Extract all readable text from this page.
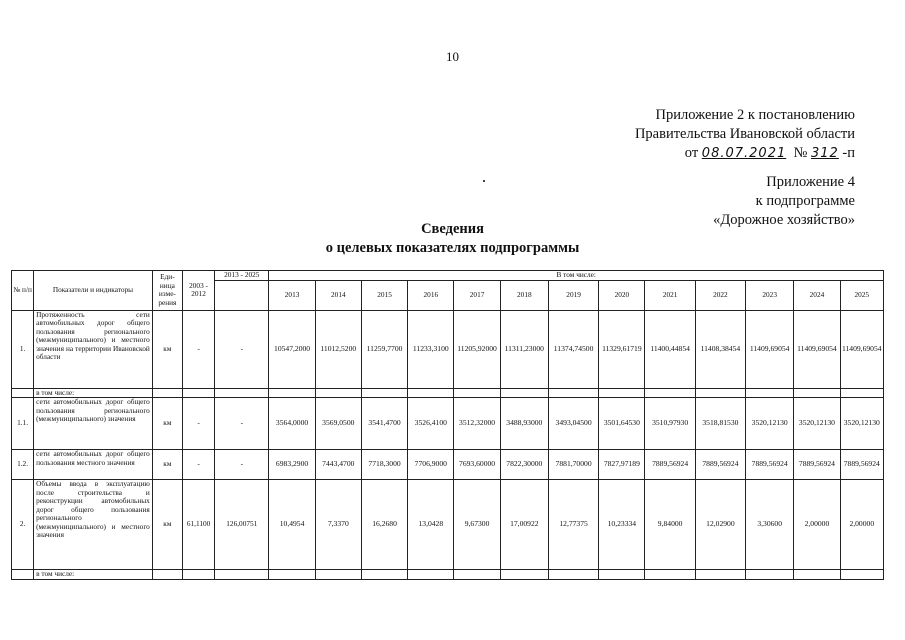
10
Приложение 2 к постановлению
Правительства Ивановской области
от 08.07.2021 № 312 -п
Приложение 4
к подпрограмме
«Дорожное хозяйство»
Сведения
о целевых показателях подпрограммы
№ п/п	Показатели и индикаторы	Еди-ница изме-рения	2003 - 2012	2013 - 2025	В том числе:												
					2013	2014	2015	2016	2017	2018	2019	2020	2021	2022	2023	2024	2025
1.	Протяженность сети автомобильных дорог общего пользования регионального (межмуниципального) и местного значения на территории Ивановской области	км	-	-	10547,2000	11012,5200	11259,7700	11233,3100	11205,92000	11311,23000	11374,74500	11329,61719	11400,44854	11408,38454	11409,69054	11409,69054	11409,69054
	в том числе:																
1.1.	сети автомобильных дорог общего пользования регионального (межмуниципального) значения	км	-	-	3564,0000	3569,0500	3541,4700	3526,4100	3512,32000	3488,93000	3493,04500	3501,64530	3510,97930	3518,81530	3520,12130	3520,12130	3520,12130
1.2.	сети автомобильных дорог общего пользования местного значения	км	-	-	6983,2900	7443,4700	7718,3000	7706,9000	7693,60000	7822,30000	7881,70000	7827,97189	7889,56924	7889,56924	7889,56924	7889,56924	7889,56924
2.	Объемы ввода в эксплуатацию после строительства и реконструкции автомобильных дорог общего пользования регионального (межмуниципального) и местного значения	км	61,1100	126,00751	10,4954	7,3370	16,2680	13,0428	9,67300	17,00922	12,77375	10,23334	9,84000	12,02900	3,30600	2,00000	2,00000
	в том числе:																
